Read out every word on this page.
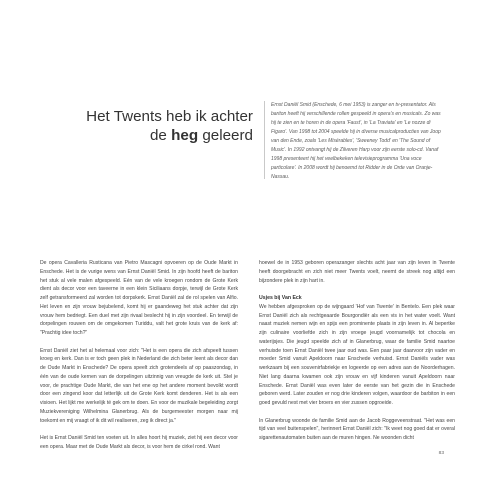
Het Twents heb ik achter
de heg geleerd
Ernst Daniël Smid (Enschede, 6 mei 1953) is zanger en tv-presentator. Als bariton heeft hij verschillende rollen gespeeld in opera's en musicals. Zo was hij te zien en te horen in de opera 'Faust', in 'La Traviata' en 'Le nozze di Figaro'. Van 1998 tot 2004 speelde hij in diverse musicalproducties van Joop van den Ende, zoals 'Les Misérables', 'Sweeney Todd' en 'The Sound of Music'. In 1992 ontvangt hij de Zilveren Harp voor zijn eerste solo-cd. Vanaf 1998 presenteert hij het veelbekeken televisieprogramma 'Una voce particolare'. In 2008 wordt hij benoemd tot Ridder in de Orde van Oranje-Nassau.

De opera Cavalleria Rusticana van Pietro Mascagni opvoeren op de Oude Markt in Enschede. Het is de vurige wens van Ernst Daniël Smid. In zijn hoofd heeft de bariton het stuk al vele malen afgespeeld. Eén van de vele kroegen rondom de Grote Kerk dient als decor voor een taveerne in een klein Siciliaans dorpje, terwijl de Grote Kerk zelf getransformeerd zal worden tot dorpskerk. Ernst Daniël zal de rol spelen van Alfio. Het leven en zijn vrouw bejubelend, komt hij er gaandeweg het stuk achter dat zijn vrouw hem bedriegt. Een duel met zijn rivaal beslecht hij in zijn voordeel. En terwijl de dorpelingen rouwen om de omgekomen Turiddu, valt het grote kruis van de kerk af: "Prachtig idee toch?"

Ernst Daniël ziet het al helemaal voor zich: "Het is een opera die zich afspeelt tussen kroeg en kerk. Dan is er toch geen plek in Nederland die zich beter leent als decor dan de Oude Markt in Enschede? De opera speelt zich grotendeels af op paaszondag, in één van de oude kernen van de dorpelingen uitzinnig van vreugde de kerk uit. Stel je voor, de prachtige Oude Markt, die van het ene op het andere moment bevolkt wordt door een zingend koor dat letterlijk uit de Grote Kerk komt denderen. Het is als een visioen. Het lijkt me werkelijk té gek om te doen. En voor de muzikale begeleiding zorgt Muziekvereniging Wilhelmina Glanerbrug. Als de burgemeester morgen naar mij toekomt en mij vraagt of ik dit wil realiseren, zeg ik direct ja."

Het is Ernst Daniël Smid ten voeten uit. In alles hoort hij muziek, ziet hij een decor voor een opera. Maar met de Oude Markt als decor, is voor hem de cirkel rond. Want

hoewel de in 1953 geboren operazanger slechts acht jaar van zijn leven in Twente heeft doorgebracht en zich niet meer Twents voelt, neemt de streek nog altijd een bijzondere plek in zijn hart in.

Usjes bij Van Eck

We hebben afgesproken op de wijngaard 'Hof van Twente' in Bentelo. Een plek waar Ernst Daniël zich als rechtgeaarde Bourgondiër als een vis in het water voelt. Want naast muziek nemen wijn en spijs een prominente plaats in zijn leven in. Al bepertke zijn culinaire voorliefde zich in zijn vroege jeugd voornamelijk tot chocola en waterijsjes. Die jeugd speelde zich af in Glanerbrug, waar de familie Smid naartoe verhuisde toen Ernst Daniël twee jaar oud was. Een paar jaar daarvoor zijn vader en moeder Smid vanuit Apeldoorn naar Enschede verhuisd. Ernst Daniëls vader was werkzaam bij een souvenirfabriekje en logeerde op een adres aan de Noorderhagen. Niet lang daarna kwamen ook zijn vrouw en vijf kinderen vanuit Apeldoorn naar Enschede. Ernst Daniël was even later de eerste van het gezin die in Enschede geboren werd. Later zouden er nog drie kinderen volgen, waardoor de barbiton in een goed gevuld nest met vier broers en vier zussen opgroeide.

In Glanerbrug woonde de familie Smid aan de Jacob Roggeveenstraat. "Het was een tijd van veel buitenspelen", herinnert Ernst Daniël zich: "Ik weet nog goed dat er overal sigarettenautomaten buiten aan de muren hingen. Ne woonden dicht

83
